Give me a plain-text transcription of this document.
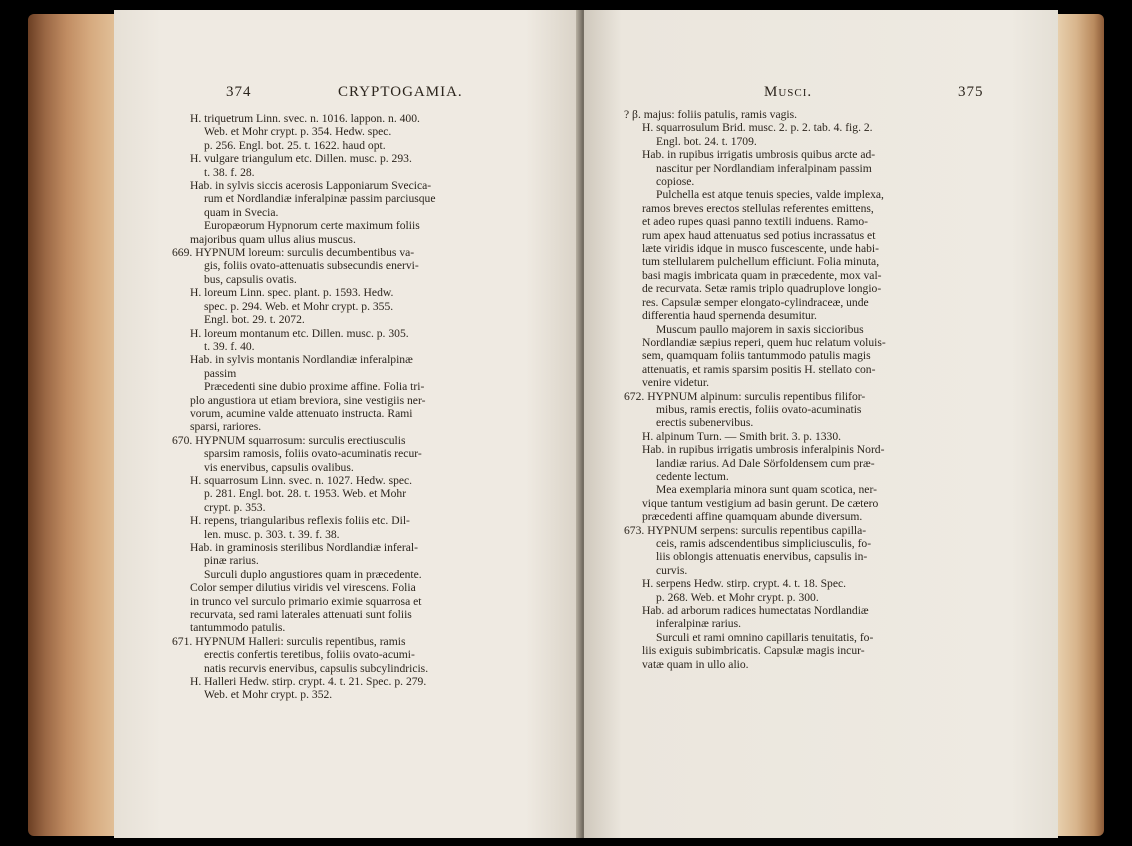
374	CRYPTOGAMIA.
H. triquetrum Linn. svec. n. 1016. lappon. n. 400.
Web. et Mohr crypt. p. 354. Hedw. spec.
p. 256. Engl. bot. 25. t. 1622. haud opt.
H. vulgare triangulum etc. Dillen. musc. p. 293.
t. 38. f. 28.
Hab. in sylvis siccis acerosis Lapponiarum Svecica-
rum et Nordlandiæ inferalpinæ passim parciusque
quam in Svecia.
Europæorum Hypnorum certe maximum foliis
majoribus quam ullus alius muscus.
669. HYPNUM loreum: surculis decumbentibus va-
gis, foliis ovato-attenuatis subsecundis enervi-
bus, capsulis ovatis.
H. loreum Linn. spec. plant. p. 1593. Hedw.
spec. p. 294. Web. et Mohr crypt. p. 355.
Engl. bot. 29. t. 2072.
H. loreum montanum etc. Dillen. musc. p. 305.
t. 39. f. 40.
Hab. in sylvis montanis Nordlandiæ inferalpinæ
passim
Præcedenti sine dubio proxime affine. Folia tri-
plo angustiora ut etiam breviora, sine vestigiis ner-
vorum, acumine valde attenuato instructa. Rami
sparsi, rariores.
670. HYPNUM squarrosum: surculis erectiusculis
sparsim ramosis, foliis ovato-acuminatis recur-
vis enervibus, capsulis ovalibus.
H. squarrosum Linn. svec. n. 1027. Hedw. spec.
p. 281. Engl. bot. 28. t. 1953. Web. et Mohr
crypt. p. 353.
H. repens, triangularibus reflexis foliis etc. Dil-
len. musc. p. 303. t. 39. f. 38.
Hab. in graminosis sterilibus Nordlandiæ inferal-
pinæ rarius.
Surculi duplo angustiores quam in præcedente.
Color semper dilutius viridis vel virescens. Folia
in trunco vel surculo primario eximie squarrosa et
recurvata, sed rami laterales attenuati sunt foliis
tantummodo patulis.
671. HYPNUM Halleri: surculis repentibus, ramis
erectis confertis teretibus, foliis ovato-acumi-
natis recurvis enervibus, capsulis subcylindricis.
H. Halleri Hedw. stirp. crypt. 4. t. 21. Spec. p. 279.
Web. et Mohr crypt. p. 352.
Musci.	375
? β. majus: foliis patulis, ramis vagis.
H. squarrosulum Brid. musc. 2. p. 2. tab. 4. fig. 2.
Engl. bot. 24. t. 1709.
Hab. in rupibus irrigatis umbrosis quibus arcte ad-
nascitur per Nordlandiam inferalpinam passim
copiose.
Pulchella est atque tenuis species, valde implexa,
ramos breves erectos stellulas referentes emittens,
et adeo rupes quasi panno textili induens. Ramo-
rum apex haud attenuatus sed potius incrassatus et
læte viridis idque in musco fuscescente, unde habi-
tum stellularem pulchellum efficiunt. Folia minuta,
basi magis imbricata quam in præcedente, mox val-
de recurvata. Setæ ramis triplo quadruplove longio-
res. Capsulæ semper elongato-cylindraceæ, unde
differentia haud spernenda desumitur.
Muscum paullo majorem in saxis siccioribus
Nordlandiæ sæpius reperi, quem huc relatum voluis-
sem, quamquam foliis tantummodo patulis magis
attenuatis, et ramis sparsim positis H. stellato con-
venire videtur.
672. HYPNUM alpinum: surculis repentibus filifor-
mibus, ramis erectis, foliis ovato-acuminatis
erectis subenervibus.
H. alpinum Turn. — Smith brit. 3. p. 1330.
Hab. in rupibus irrigatis umbrosis inferalpinis Nord-
landiæ rarius. Ad Dale Sörfoldensem cum præ-
cedente lectum.
Mea exemplaria minora sunt quam scotica, ner-
vique tantum vestigium ad basin gerunt. De cætero
præcedenti affine quamquam abunde diversum.
673. HYPNUM serpens: surculis repentibus capilla-
ceis, ramis adscendentibus simpliciusculis, fo-
liis oblongis attenuatis enervibus, capsulis in-
curvis.
H. serpens Hedw. stirp. crypt. 4. t. 18. Spec.
p. 268. Web. et Mohr crypt. p. 300.
Hab. ad arborum radices humectatas Nordlandiæ
inferalpinæ rarius.
Surculi et rami omnino capillaris tenuitatis, fo-
liis exiguis subimbricatis. Capsulæ magis incur-
vatæ quam in ullo alio.
